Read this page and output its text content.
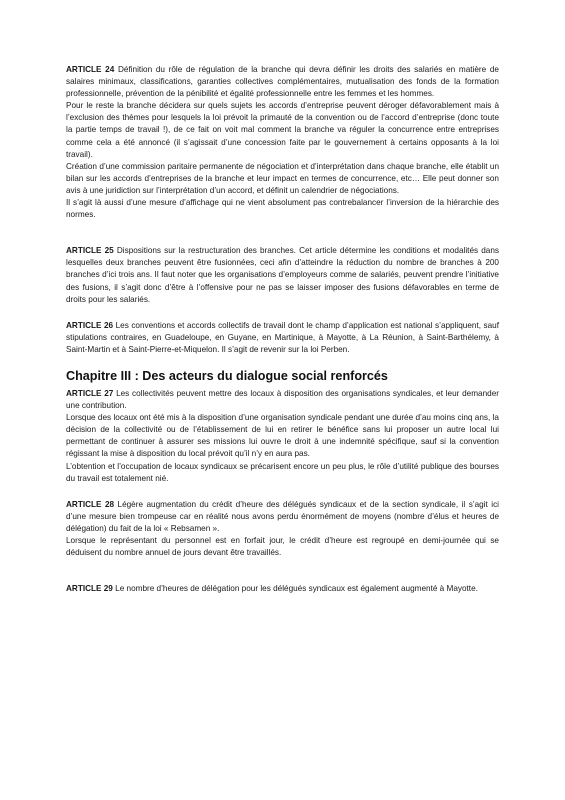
ARTICLE 24 Définition du rôle de régulation de la branche qui devra définir les droits des salariés en matière de salaires minimaux, classifications, garanties collectives complémentaires, mutualisation des fonds de la formation professionnelle, prévention de la pénibilité et égalité professionnelle entre les femmes et les hommes.

Pour le reste la branche décidera sur quels sujets les accords d’entreprise peuvent déroger défavorablement mais à l’exclusion des thèmes pour lesquels la loi prévoit la primauté de la convention ou de l’accord d’entreprise (donc toute la partie temps de travail !), de ce fait on voit mal comment la branche va réguler la concurrence entre entreprises comme cela a été annoncé (il s’agissait d’une concession faite par le gouvernement à certains opposants à la loi travail).

Création d’une commission paritaire permanente de négociation et d’interprétation dans chaque branche, elle établit un bilan sur les accords d’entreprises de la branche et leur impact en termes de concurrence, etc… Elle peut donner son avis à une juridiction sur l’interprétation d’un accord, et définit un calendrier de négociations.

Il s’agit là aussi d’une mesure d’affichage qui ne vient absolument pas contrebalancer l’inversion de la hiérarchie des normes.

ARTICLE 25 Dispositions sur la restructuration des branches. Cet article détermine les conditions et modalités dans lesquelles deux branches peuvent être fusionnées, ceci afin d’atteindre la réduction du nombre de branches à 200 branches d’ici trois ans. Il faut noter que les organisations d’employeurs comme de salariés, peuvent prendre l’initiative des fusions, il s’agit donc d’être à l’offensive pour ne pas se laisser imposer des fusions défavorables en terme de droits pour les salariés.

ARTICLE 26 Les conventions et accords collectifs de travail dont le champ d’application est national s’appliquent, sauf stipulations contraires, en Guadeloupe, en Guyane, en Martinique, à Mayotte, à La Réunion, à Saint-Barthélemy, à Saint-Martin et à Saint-Pierre-et-Miquelon. Il s’agit de revenir sur la loi Perben.

Chapitre III : Des acteurs du dialogue social renforcés

ARTICLE 27 Les collectivités peuvent mettre des locaux à disposition des organisations syndicales, et leur demander une contribution.

Lorsque des locaux ont été mis à la disposition d’une organisation syndicale pendant une durée d’au moins cinq ans, la décision de la collectivité ou de l’établissement de lui en retirer le bénéfice sans lui proposer un autre local lui permettant de continuer à assurer ses missions lui ouvre le droit à une indemnité spécifique, sauf si la convention régissant la mise à disposition du local prévoit qu’il n’y en aura pas.

L’obtention et l’occupation de locaux syndicaux se précarisent encore un peu plus, le rôle d’utilité publique des bourses du travail est totalement nié.

ARTICLE 28 Légère augmentation du crédit d’heure des délégués syndicaux et de la section syndicale, il s’agit ici d’une mesure bien trompeuse car en réalité nous avons perdu énormément de moyens (nombre d’élus et heures de délégation) du fait de la loi « Rebsamen ».

Lorsque le représentant du personnel est en forfait jour, le crédit d’heure est regroupé en demi-journée qui se déduisent du nombre annuel de jours devant être travaillés.

ARTICLE 29 Le nombre d’heures de délégation pour les délégués syndicaux est également augmenté à Mayotte.
